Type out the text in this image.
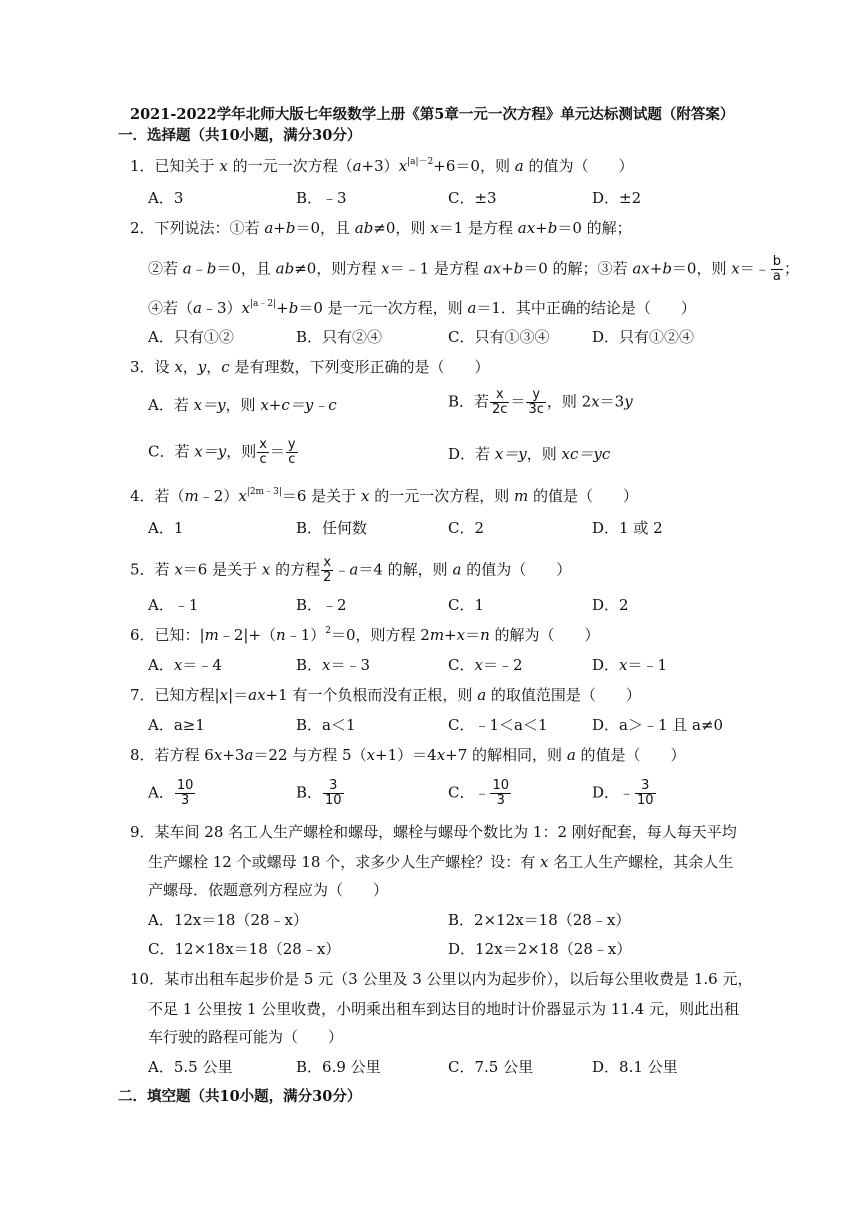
2021-2022学年北师大版七年级数学上册《第5章一元一次方程》单元达标测试题（附答案）
一．选择题（共10小题，满分30分）
1．已知关于 x 的一元一次方程$(a+3)x^{|a|-2}+6=0$，则 a 的值为（　　）
A．3	B．﹣3	C．±3	D．±2
2．下列说法：①若 a+b＝0，且 ab≠0，则 x＝1 是方程 ax+b＝0 的解；
②若 a﹣b＝0，且 ab≠0，则方程 x＝﹣1 是方程 ax+b＝0 的解；③若 ax+b＝0，则 x＝﹣ $\frac{b}{a}$ ；
④若$(a﹣3)x^{|a﹣2|}+b=0$ 是一元一次方程，则 a＝1．其中正确的结论是（　　）
A．只有①②	B．只有②④	C．只有①③④	D．只有①②④
3．设 x，y，c 是有理数，下列变形正确的是（　　）
A．若 x＝y，则 x+c＝y﹣c	B．若 $\frac{x}{2c} = \frac{y}{3c}$ ，则 2x＝3y
C．若 x＝y，则 $\frac{x}{c} = \frac{y}{c}$	D．若 x＝y，则 xc＝yc
4．若$(m﹣2)x^{|2m﹣3|}=6$ 是关于 x 的一元一次方程，则 m 的值是（　　）
A．1	B．任何数	C．2	D．1 或 2
5．若 x＝6 是关于 x 的方程 $\frac{x}{2}$ ﹣a＝4 的解，则 a 的值为（　　）
A．﹣1	B．﹣2	C．1	D．2
6．已知：|m﹣2|+（n﹣1）$^2$＝0，则方程 2m+x＝n 的解为（　　）
A．x＝﹣4	B．x＝﹣3	C．x＝﹣2	D．x＝﹣1
7．已知方程|x|＝ax+1 有一个负根而没有正根，则 a 的取值范围是（　　）
A．a≥1	B．a＜1	C．﹣1＜a＜1	D．a＞﹣1 且 a≠0
8．若方程 6x+3a＝22 与方程 5（x+1）＝4x+7 的解相同，则 a 的值是（　　）
A． $\frac{10}{3}$	B． $\frac{3}{10}$	C．﹣ $\frac{10}{3}$	D．﹣ $\frac{3}{10}$
9．某车间 28 名工人生产螺栓和螺母，螺栓与螺母个数比为 1：2 刚好配套，每人每天平均
生产螺栓 12 个或螺母 18 个，求多少人生产螺栓？设：有 x 名工人生产螺栓，其余人生
产螺母．依题意列方程应为（　　）
A．12x＝18（28﹣x）	B．2×12x＝18（28﹣x）
C．12×18x＝18（28﹣x）	D．12x＝2×18（28﹣x）
10．某市出租车起步价是 5 元（3 公里及 3 公里以内为起步价），以后每公里收费是 1.6 元，
不足 1 公里按 1 公里收费，小明乘出租车到达目的地时计价器显示为 11.4 元，则此出租
车行驶的路程可能为（　　）
A．5.5 公里	B．6.9 公里	C．7.5 公里	D．8.1 公里
二．填空题（共10小题，满分30分）
